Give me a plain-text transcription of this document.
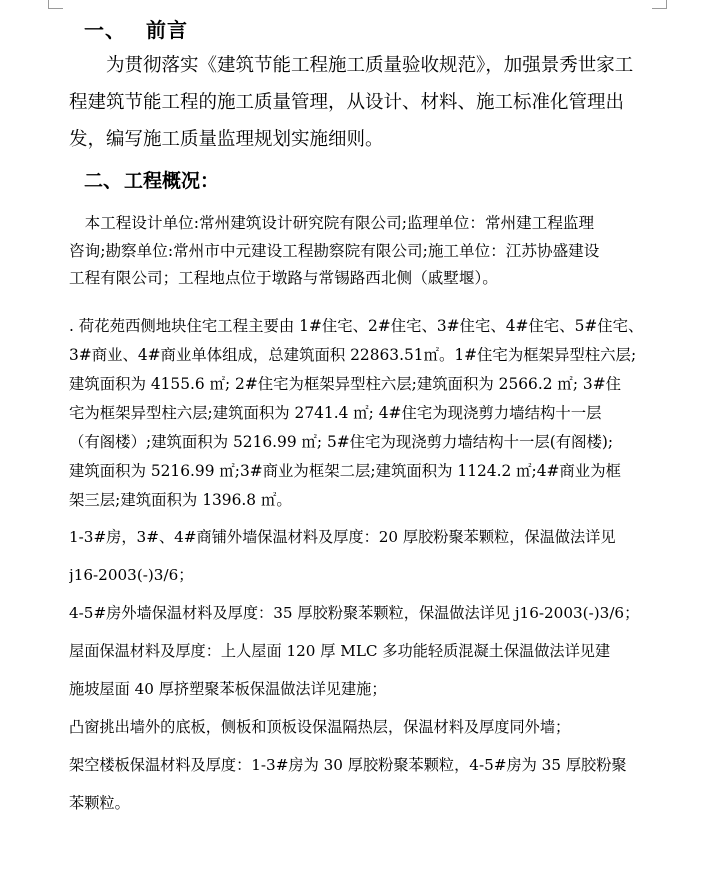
一、 前言

　　为贯彻落实《建筑节能工程施工质量验收规范》，加强景秀世家工
程建筑节能工程的施工质量管理，从设计、材料、施工标准化管理出
发，编写施工质量监理规划实施细则。

二、 工程概况：

　本工程设计单位:常州建筑设计研究院有限公司;监理单位：常州建工程监理
咨询;勘察单位:常州市中元建设工程勘察院有限公司;施工单位：江苏协盛建设
工程有限公司；工程地点位于墩路与常锡路西北侧（戚墅堰）。

. 荷花苑西侧地块住宅工程主要由 1#住宅、2#住宅、3#住宅、4#住宅、5#住宅、
3#商业、4#商业单体组成，总建筑面积 22863.51㎡。1#住宅为框架异型柱六层;
建筑面积为 4155.6 ㎡; 2#住宅为框架异型柱六层;建筑面积为 2566.2 ㎡; 3#住
宅为框架异型柱六层;建筑面积为 2741.4 ㎡; 4#住宅为现浇剪力墙结构十一层
（有阁楼）;建筑面积为 5216.99 ㎡; 5#住宅为现浇剪力墙结构十一层(有阁楼);
建筑面积为 5216.99 ㎡;3#商业为框架二层;建筑面积为 1124.2 ㎡;4#商业为框
架三层;建筑面积为 1396.8 ㎡。

1-3#房，3#、4#商铺外墙保温材料及厚度：20 厚胶粉聚苯颗粒，保温做法详见
j16-2003(-)3/6；

4-5#房外墙保温材料及厚度：35 厚胶粉聚苯颗粒，保温做法详见 j16-2003(-)3/6；

屋面保温材料及厚度：上人屋面 120 厚 MLC 多功能轻质混凝土保温做法详见建
施坡屋面 40 厚挤塑聚苯板保温做法详见建施；

凸窗挑出墙外的底板，侧板和顶板设保温隔热层，保温材料及厚度同外墙；

架空楼板保温材料及厚度：1-3#房为 30 厚胶粉聚苯颗粒，4-5#房为 35 厚胶粉聚
苯颗粒。
